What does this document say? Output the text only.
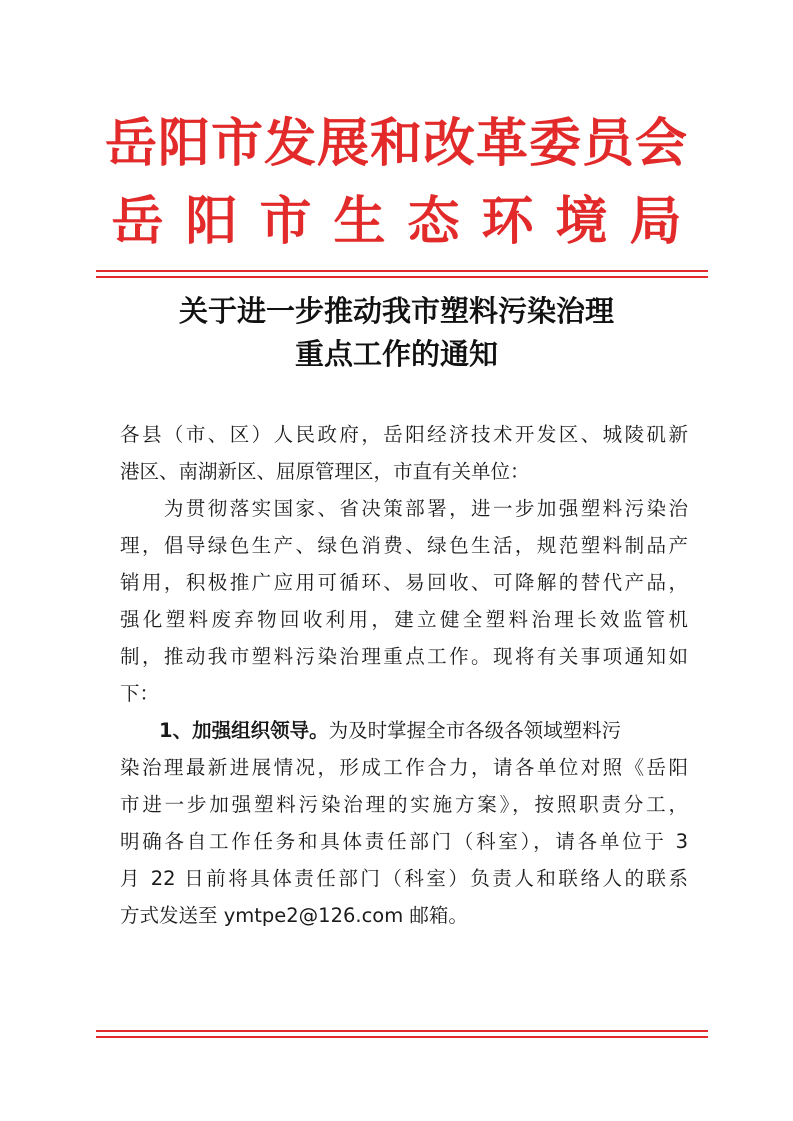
岳阳市发展和改革委员会
岳阳市生态环境局
关于进一步推动我市塑料污染治理
重点工作的通知
各县（市、区）人民政府，岳阳经济技术开发区、城陵矶新
港区、南湖新区、屈原管理区，市直有关单位：
　　为贯彻落实国家、省决策部署，进一步加强塑料污染治
理，倡导绿色生产、绿色消费、绿色生活，规范塑料制品产
销用，积极推广应用可循环、易回收、可降解的替代产品，
强化塑料废弃物回收利用，建立健全塑料治理长效监管机
制，推动我市塑料污染治理重点工作。现将有关事项通知如
下：
　　1、加强组织领导。为及时掌握全市各级各领域塑料污
染治理最新进展情况，形成工作合力，请各单位对照《岳阳
市进一步加强塑料污染治理的实施方案》，按照职责分工，
明确各自工作任务和具体责任部门（科室），请各单位于 3
月 22 日前将具体责任部门（科室）负责人和联络人的联系
方式发送至 ymtpe2@126.com 邮箱。
